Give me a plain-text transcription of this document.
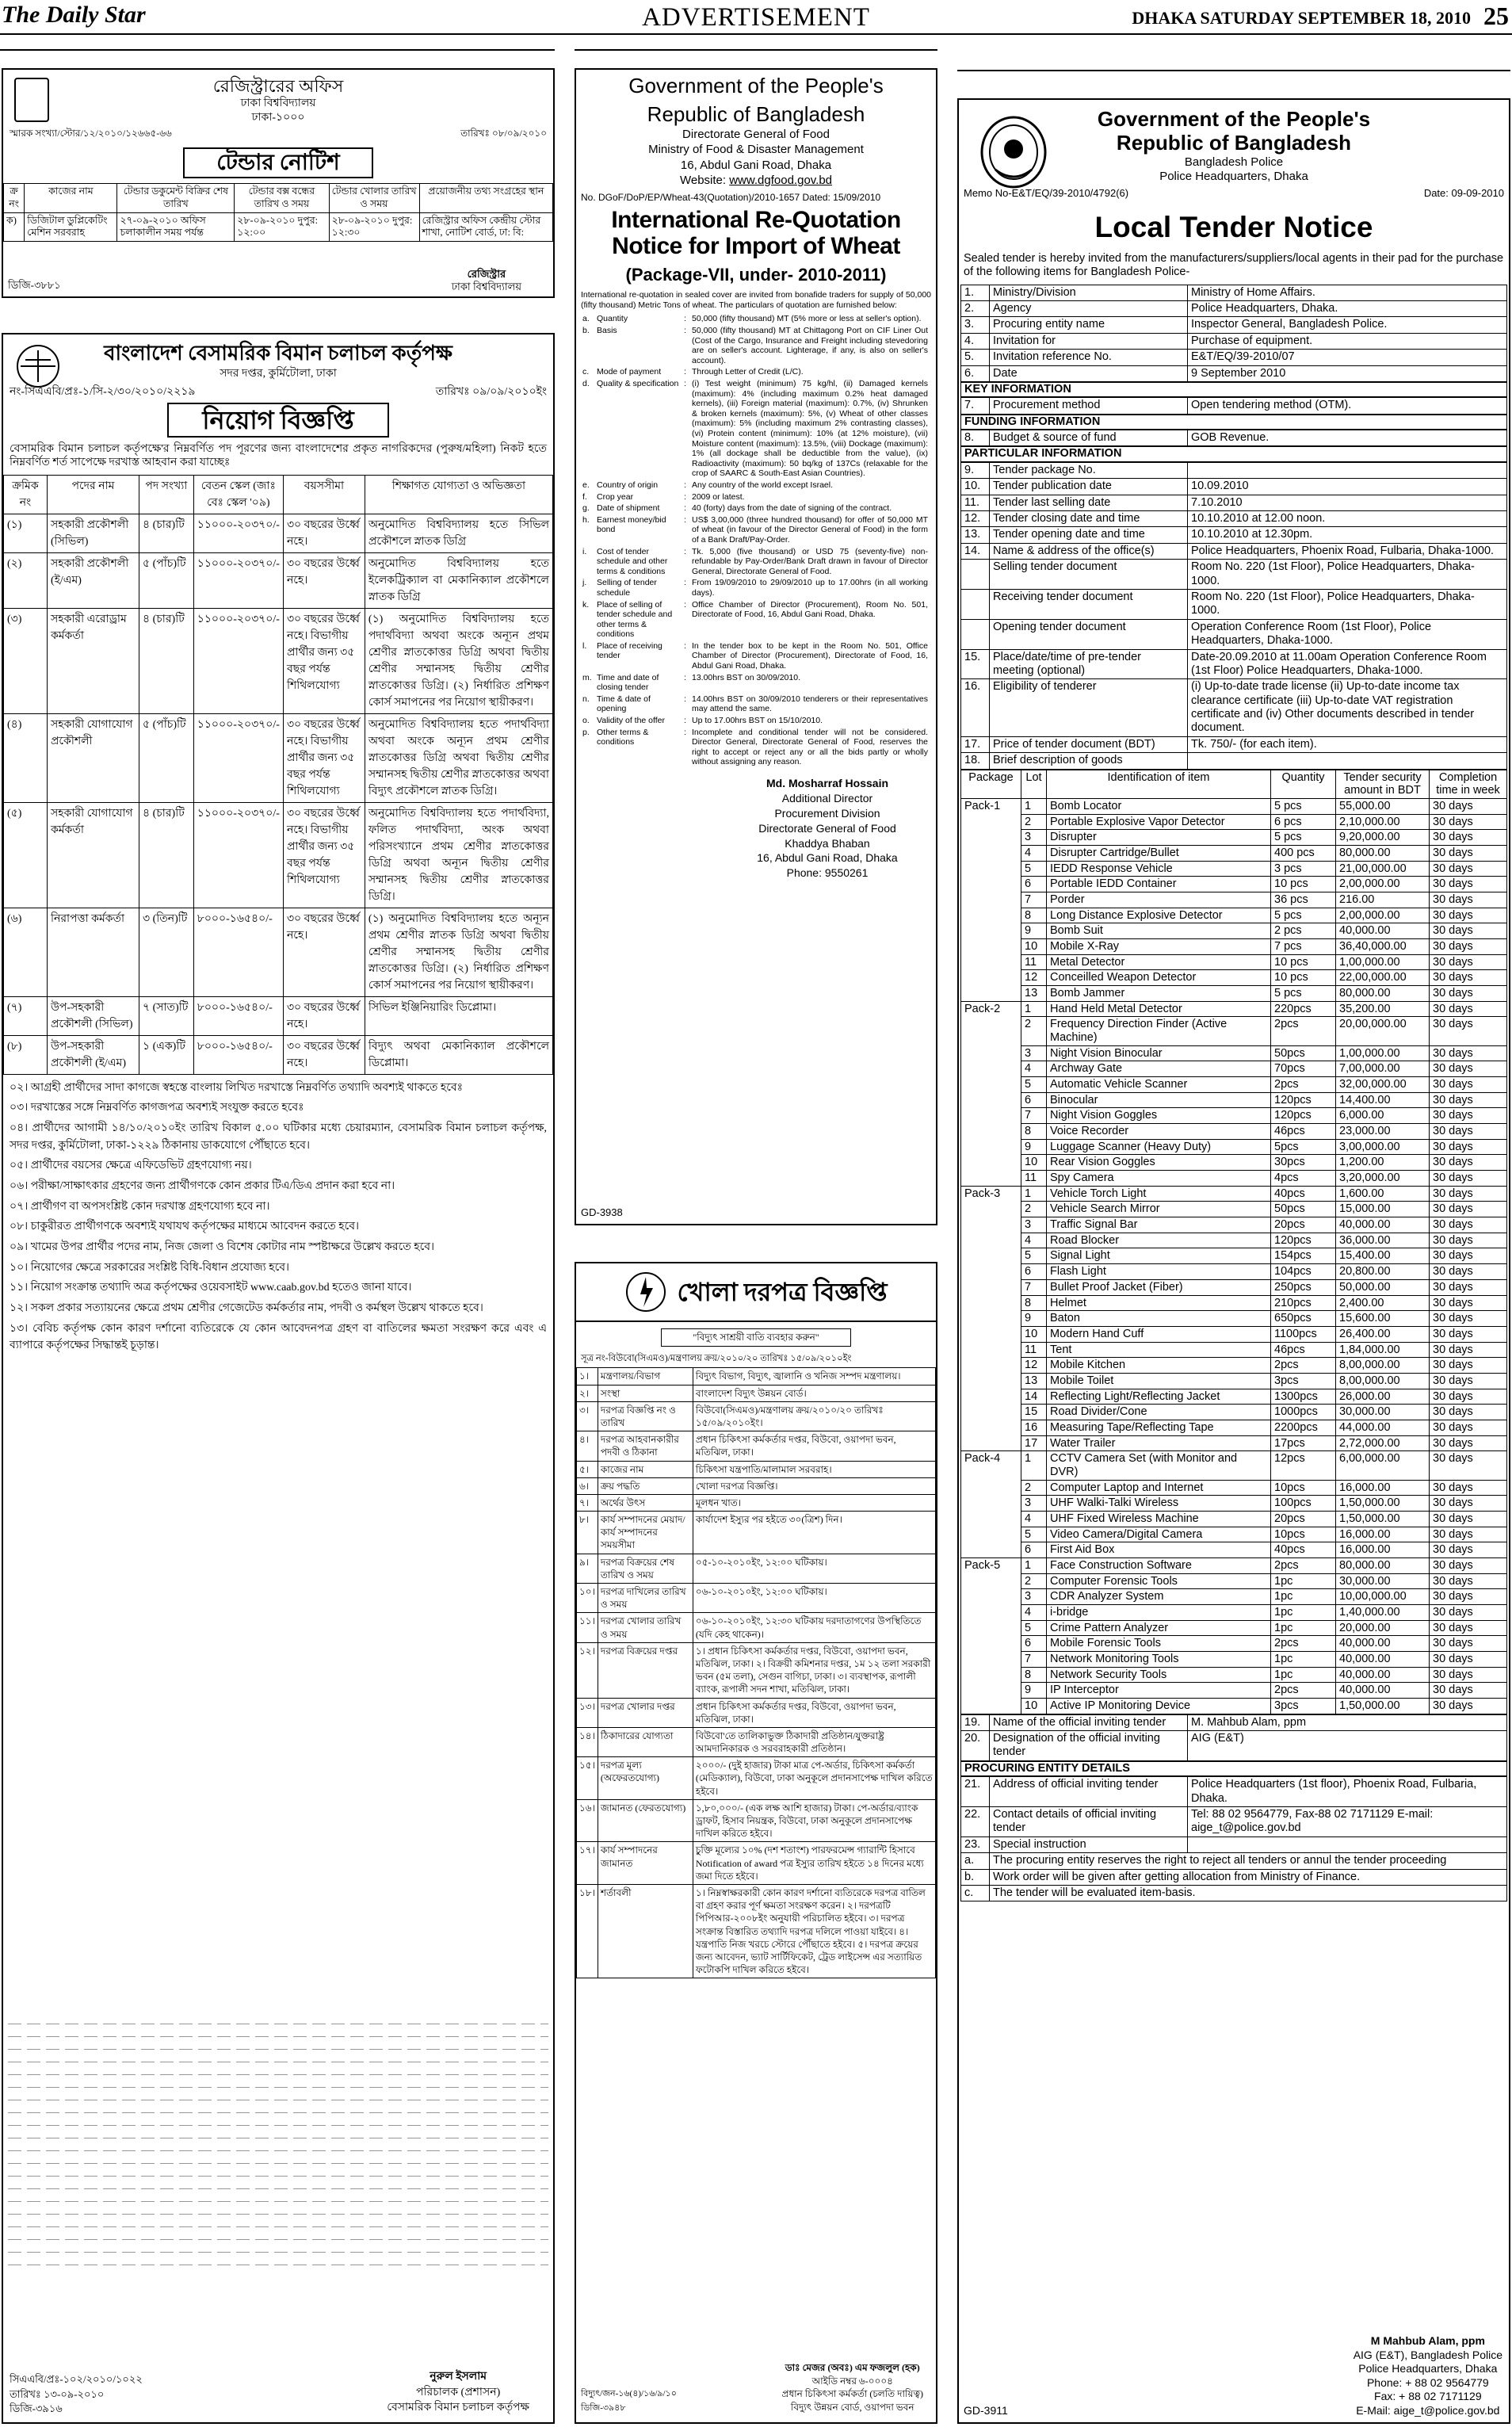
The Daily Star	ADVERTISEMENT	DHAKA SATURDAY SEPTEMBER 18, 2010 25
রেজিস্ট্রারের অফিস
ঢাকা বিশ্ববিদ্যালয়
ঢাকা-১০০০
স্মারক সংখ্যা/স্টোর/১২/২০১০/১২৬৬৫-৬৬	তারিখঃ ০৮/০৯/২০১০
টেন্ডার নোটিশ
ক্র নং	কাজের নাম	টেন্ডার ডকুমেন্ট বিক্রির শেষ তারিখ	টেন্ডার বক্স বন্ধের তারিখ ও সময়	টেন্ডার খোলার তারিখ ও সময়	প্রয়োজনীয় তথ্য সংগ্রহের স্থান
ক)	ডিজিটাল ডুপ্লিকেটিং মেশিন সরবরাহ	২৭-০৯-২০১০ অফিস চলাকালীন সময় পর্যন্ত	২৮-০৯-২০১০ দুপুর: ১২:০০	২৮-০৯-২০১০ দুপুর: ১২:৩০	রেজিস্ট্রার অফিস কেন্দ্রীয় স্টোর শাখা, নোটিশ বোর্ড, ঢা: বি:
ডিজি-৩৮৮১
রেজিস্ট্রার
ঢাকা বিশ্ববিদ্যালয়
বাংলাদেশ বেসামরিক বিমান চলাচল কর্তৃপক্ষ
সদর দপ্তর, কুর্মিটোলা, ঢাকা
নং-সিএএবি/প্রঃ-১/সি-২/৩০/২০১০/২২১৯	তারিখঃ ০৯/০৯/২০১০ইং
নিয়োগ বিজ্ঞপ্তি
বেসামরিক বিমান চলাচল কর্তৃপক্ষে'র নিম্নবর্ণিত পদ পূরণের জন্য বাংলাদেশের প্রকৃত নাগরিকদের (পুরুষ/মহিলা) নিকট হতে নিম্নবর্ণিত শর্ত সাপেক্ষে দরখাস্ত আহবান করা যাচ্ছেঃ
ক্রমিক নং	পদের নাম	পদ সংখ্যা	বেতন স্কেল (জাঃ বেঃ স্কেল '০৯)	বয়সসীমা	শিক্ষাগত যোগ্যতা ও অভিজ্ঞতা
(১)	সহকারী প্রকৌশলী (সিভিল)	৪ (চার)টি	১১০০০-২০৩৭০/-	৩০ বছরের উর্ধ্বে নহে।	অনুমোদিত বিশ্ববিদ্যালয় হতে সিভিল প্রকৌশলে স্নাতক ডিগ্রি
(২)	সহকারী প্রকৌশলী (ই/এম)	৫ (পাঁচ)টি	১১০০০-২০৩৭০/-	৩০ বছরের উর্ধ্বে নহে।	অনুমোদিত বিশ্ববিদ্যালয় হতে ইলেকট্রিক্যাল বা মেকানিক্যাল প্রকৌশলে স্নাতক ডিগ্রি
(৩)	সহকারী এরোড্রাম কর্মকর্তা	৪ (চার)টি	১১০০০-২০৩৭০/-	৩০ বছরের উর্ধ্বে নহে। বিভাগীয় প্রার্থীর জন্য ৩৫ বছর পর্যন্ত শিথিলযোগ্য	(১) অনুমোদিত বিশ্ববিদ্যালয় হতে পদার্থবিদ্যা অথবা অংকে অন্যূন প্রথম শ্রেণীর স্নাতকোত্তর ডিগ্রি অথবা দ্বিতীয় শ্রেণীর সম্মানসহ দ্বিতীয় শ্রেণীর স্নাতকোত্তর ডিগ্রি। (২) নির্ধারিত প্রশিক্ষণ কোর্স সমাপনের পর নিয়োগ স্থায়ীকরণ।
(৪)	সহকারী যোগাযোগ প্রকৌশলী	৫ (পাঁচ)টি	১১০০০-২০৩৭০/-	৩০ বছরের উর্ধ্বে নহে। বিভাগীয় প্রার্থীর জন্য ৩৫ বছর পর্যন্ত শিথিলযোগ্য	অনুমোদিত বিশ্ববিদ্যালয় হতে পদার্থবিদ্যা অথবা অংকে অন্যূন প্রথম শ্রেণীর স্নাতকোত্তর ডিগ্রি অথবা দ্বিতীয় শ্রেণীর সম্মানসহ দ্বিতীয় শ্রেণীর স্নাতকোত্তর অথবা বিদ্যুৎ প্রকৌশলে স্নাতক ডিগ্রি।
(৫)	সহকারী যোগাযোগ কর্মকর্তা	৪ (চার)টি	১১০০০-২০৩৭০/-	৩০ বছরের উর্ধ্বে নহে। বিভাগীয় প্রার্থীর জন্য ৩৫ বছর পর্যন্ত শিথিলযোগ্য	অনুমোদিত বিশ্ববিদ্যালয় হতে পদার্থবিদ্যা, ফলিত পদার্থবিদ্যা, অংক অথবা পরিসংখ্যানে প্রথম শ্রেণীর স্নাতকোত্তর ডিগ্রি অথবা অন্যূন দ্বিতীয় শ্রেণীর সম্মানসহ দ্বিতীয় শ্রেণীর স্নাতকোত্তর ডিগ্রি।
(৬)	নিরাপত্তা কর্মকর্তা	৩ (তিন)টি	৮০০০-১৬৫৪০/-	৩০ বছরের উর্ধ্বে নহে।	(১) অনুমোদিত বিশ্ববিদ্যালয় হতে অন্যূন প্রথম শ্রেণীর স্নাতক ডিগ্রি অথবা দ্বিতীয় শ্রেণীর সম্মানসহ দ্বিতীয় শ্রেণীর স্নাতকোত্তর ডিগ্রি। (২) নির্ধারিত প্রশিক্ষণ কোর্স সমাপনের পর নিয়োগ স্থায়ীকরণ।
(৭)	উপ-সহকারী প্রকৌশলী (সিভিল)	৭ (সাত)টি	৮০০০-১৬৫৪০/-	৩০ বছরের উর্ধ্বে নহে।	সিভিল ইঞ্জিনিয়ারিং ডিপ্লোমা।
(৮)	উপ-সহকারী প্রকৌশলী (ই/এম)	১ (এক)টি	৮০০০-১৬৫৪০/-	৩০ বছরের উর্ধ্বে নহে।	বিদ্যুৎ অথবা মেকানিক্যাল প্রকৌশলে ডিপ্লোমা।
০২। আগ্রহী প্রার্থীদের সাদা কাগজে স্বহস্তে বাংলায় লিখিত দরখাস্তে নিম্নবর্ণিত তথ্যাদি অবশ্যই থাকতে হবেঃ
০৩। দরখাস্তের সঙ্গে নিম্নবর্ণিত কাগজপত্র অবশ্যই সংযুক্ত করতে হবেঃ
০৪। প্রার্থীদের আগামী ১৪/১০/২০১০ইং তারিখ বিকাল ৫.০০ ঘটিকার মধ্যে চেয়ারম্যান, বেসামরিক বিমান চলাচল কর্তৃপক্ষ, সদর দপ্তর, কুর্মিটোলা, ঢাকা-১২২৯ ঠিকানায় ডাকযোগে পৌঁছাতে হবে।
০৫। প্রার্থীদের বয়সের ক্ষেত্রে এফিডেভিট গ্রহণযোগ্য নয়।
০৬। পরীক্ষা/সাক্ষাৎকার গ্রহণের জন্য প্রার্থীগণকে কোন প্রকার টিএ/ডিএ প্রদান করা হবে না।
০৭। প্রার্থীগণ বা অপসংশ্লিষ্ট কোন দরখাস্ত গ্রহণযোগ্য হবে না।
০৮। চাকুরীরত প্রার্থীগণকে অবশ্যই যথাযথ কর্তৃপক্ষের মাধ্যমে আবেদন করতে হবে।
০৯। খামের উপর প্রার্থীর পদের নাম, নিজ জেলা ও বিশেষ কোটার নাম স্পষ্টাক্ষরে উল্লেখ করতে হবে।
১০। নিয়োগের ক্ষেত্রে সরকারের সংশ্লিষ্ট বিধি-বিধান প্রযোজ্য হবে।
১১। নিয়োগ সংক্রান্ত তথ্যাদি অত্র কর্তৃপক্ষের ওয়েবসাইট www.caab.gov.bd হতেও জানা যাবে।
১২। সকল প্রকার সত্যায়নের ক্ষেত্রে প্রথম শ্রেণীর গেজেটেড কর্মকর্তার নাম, পদবী ও কর্মস্থল উল্লেখ থাকতে হবে।
১৩। বেবিচ কর্তৃপক্ষ কোন কারণ দর্শানো ব্যতিরেকে যে কোন আবেদনপত্র গ্রহণ বা বাতিলের ক্ষমতা সংরক্ষণ করে এবং এ ব্যাপারে কর্তৃপক্ষের সিদ্ধান্তই চূড়ান্ত।
সিএএবি/প্রঃ-১০২/২০১০/১০২২
তারিখঃ ১৩-০৯-২০১০
ডিজি-৩৯১৬
নুরুল ইসলাম
পরিচালক (প্রশাসন)
বেসামরিক বিমান চলাচল কর্তৃপক্ষ
Government of the People's
Republic of Bangladesh
Directorate General of Food
Ministry of Food & Disaster Management
16, Abdul Gani Road, Dhaka
Website: www.dgfood.gov.bd
No. DGoF/DoP/EP/Wheat-43(Quotation)/2010-1657 Dated: 15/09/2010
International Re-Quotation Notice for Import of Wheat
(Package-VII, under- 2010-2011)
International re-quotation in sealed cover are invited from bonafide traders for supply of 50,000 (fifty thousand) Metric Tons of wheat. The particulars of quotation are furnished below:
a.	Quantity	:	50,000 (fifty thousand) MT (5% more or less at seller's option).
b.	Basis	:	50,000 (fifty thousand) MT at Chittagong Port on CIF Liner Out (Cost of the Cargo, Insurance and Freight including stevedoring are on seller's account. Lighterage, if any, is also on seller's account).
c.	Mode of payment	:	Through Letter of Credit (L/C).
d.	Quality & specification	:	(i) Test weight (minimum) 75 kg/hl, (ii) Damaged kernels (maximum): 4% (including maximum 0.2% heat damaged kernels), (iii) Foreign material (maximum): 0.7%, (iv) Shrunken & broken kernels (maximum): 5%, (v) Wheat of other classes (maximum): 5% (including maximum 2% contrasting classes), (vi) Protein content (minimum): 10% (at 12% moisture), (vii) Moisture content (maximum): 13.5%, (viii) Dockage (maximum): 1% (all dockage shall be deductible from the value), (ix) Radioactivity (maximum): 50 bq/kg of 137Cs (relaxable for the crop of SAARC & South-East Asian Countries).
e.	Country of origin	:	Any country of the world except Israel.
f.	Crop year	:	2009 or latest.
g.	Date of shipment	:	40 (forty) days from the date of signing of the contract.
h.	Earnest money/bid bond	:	US$ 3,00,000 (three hundred thousand) for offer of 50,000 MT of wheat (in favour of the Director General of Food) in the form of a Bank Draft/Pay-Order.
i.	Cost of tender schedule and other terms & conditions	:	Tk. 5,000 (five thousand) or USD 75 (seventy-five) non-refundable by Pay-Order/Bank Draft drawn in favour of Director General, Directorate General of Food.
j.	Selling of tender schedule	:	From 19/09/2010 to 29/09/2010 up to 17.00hrs (in all working days).
k.	Place of selling of tender schedule and other terms & conditions	:	Office Chamber of Director (Procurement), Room No. 501, Directorate of Food, 16, Abdul Gani Road, Dhaka.
l.	Place of receiving tender	:	In the tender box to be kept in the Room No. 501, Office Chamber of Director (Procurement), Directorate of Food, 16, Abdul Gani Road, Dhaka.
m.	Time and date of closing tender	:	13.00hrs BST on 30/09/2010.
n.	Time & date of opening	:	14.00hrs BST on 30/09/2010 tenderers or their representatives may attend the same.
o.	Validity of the offer	:	Up to 17.00hrs BST on 15/10/2010.
p.	Other terms & conditions	:	Incomplete and conditional tender will not be considered. Director General, Directorate General of Food, reserves the right to accept or reject any or all the bids partly or wholly without assigning any reason.
Md. Mosharraf Hossain
Additional Director
Procurement Division
Directorate General of Food
Khaddya Bhaban
16, Abdul Gani Road, Dhaka
Phone: 9550261
GD-3938
খোলা দরপত্র বিজ্ঞপ্তি
"বিদ্যুৎ সাশ্রয়ী বাতি ব্যবহার করুন"
সূত্র নং-বিউবো(সিএমও)/মন্ত্রণালয় ক্রয়/২০১০/২০ তারিখঃ ১৫/০৯/২০১০ইং
১।	মন্ত্রণালয়/বিভাগ	বিদ্যুৎ বিভাগ, বিদ্যুৎ, জ্বালানি ও খনিজ সম্পদ মন্ত্রণালয়।
২।	সংস্থা	বাংলাদেশ বিদ্যুৎ উন্নয়ন বোর্ড।
৩।	দরপত্র বিজ্ঞপ্তি নং ও তারিখ	বিউবো(সিএমও)/মন্ত্রণালয় ক্রয়/২০১০/২০ তারিখঃ ১৫/০৯/২০১০ইং।
৪।	দরপত্র আহবানকারীর পদবী ও ঠিকানা	প্রধান চিকিৎসা কর্মকর্তার দপ্তর, বিউবো, ওয়াপদা ভবন, মতিঝিল, ঢাকা।
৫।	কাজের নাম	চিকিৎসা যন্ত্রপাতি/মালামাল সরবরাহ।
৬।	ক্রয় পদ্ধতি	খোলা দরপত্র বিজ্ঞপ্তি।
৭।	অর্থের উৎস	মূলধন খাত।
৮।	কার্য সম্পাদনের মেয়াদ/কার্য সম্পাদনের সময়সীমা	কার্যাদেশ ইস্যুর পর হইতে ৩০(ত্রিশ) দিন।
৯।	দরপত্র বিক্রয়ের শেষ তারিখ ও সময়	০৫-১০-২০১০ইং, ১২:০০ ঘটিকায়।
১০।	দরপত্র দাখিলের তারিখ ও সময়	০৬-১০-২০১০ইং, ১২:০০ ঘটিকায়।
১১।	দরপত্র খোলার তারিখ ও সময়	০৬-১০-২০১০ইং, ১২:৩০ ঘটিকায় দরদাতাগণের উপস্থিতিতে (যদি কেহ থাকেন)।
১২।	দরপত্র বিক্রয়ের দপ্তর	১। প্রধান চিকিৎসা কর্মকর্তার দপ্তর, বিউবো, ওয়াপদা ভবন, মতিঝিল, ঢাকা। ২। বিক্রয়ী কমিশনার দপ্তর, ১ম ১২ তলা সরকারী ভবন (৫ম তলা), সেগুন বাগিচা, ঢাকা। ৩। ব্যবস্থাপক, রূপালী ব্যাংক, রূপালী সদন শাখা, মতিঝিল, ঢাকা।
১৩।	দরপত্র খোলার দপ্তর	প্রধান চিকিৎসা কর্মকর্তার দপ্তর, বিউবো, ওয়াপদা ভবন, মতিঝিল, ঢাকা।
১৪।	ঠিকাদারের যোগ্যতা	বিউবো'তে তালিকাভুক্ত ঠিকাদারী প্রতিষ্ঠান/যুক্তরাষ্ট্র আমদানিকারক ও সরবরাহকারী প্রতিষ্ঠান।
১৫।	দরপত্র মূল্য (অফেরতযোগ্য)	২০০০/- (দুই হাজার) টাকা মাত্র পে-অর্ডার, চিকিৎসা কর্মকর্তা (মেডিক্যাল), বিউবো, ঢাকা অনুকূলে প্রদানসাপেক্ষ দাখিল করিতে হইবে।
১৬।	জামানত (ফেরতযোগ্য)	১,৮০,০০০/- (এক লক্ষ আশি হাজার) টাকা। পে-অর্ডার/ব্যাংক ড্রাফট, হিসাব নিয়ন্ত্রক, বিউবো, ঢাকা অনুকূলে প্রদানসাপেক্ষ দাখিল করিতে হইবে।
১৭।	কার্য সম্পাদনের জামানত	চুক্তি মূল্যের ১০% (দশ শতাংশ) পারফরমেন্স গ্যারান্টি হিসাবে Notification of award পত্র ইস্যুর তারিখ হইতে ১৪ দিনের মধ্যে জমা দিতে হইবে।
১৮।	শর্তাবলী	১। নিম্নস্বাক্ষরকারী কোন কারণ দর্শানো ব্যতিরেকে দরপত্র বাতিল বা গ্রহণ করার পূর্ণ ক্ষমতা সংরক্ষণ করেন। ২। দরপত্রটি পিপিআর-২০০৮ইং অনুযায়ী পরিচালিত হইবে। ৩। দরপত্র সংক্রান্ত বিস্তারিত তথ্যাদি দরপত্র দলিলে পাওয়া যাইবে। ৪। যন্ত্রপাতি নিজ খরচে স্টোরে পৌঁছাতে হইবে। ৫। দরপত্র ক্রয়ের জন্য আবেদন, ভ্যাট সার্টিফিকেট, ট্রেড লাইসেন্স এর সত্যায়িত ফটোকপি দাখিল করিতে হইবে।
ডাঃ মেজর (অবঃ) এম ফজলুল (হক)
আইডি নম্বর ৬-০০০৪
প্রধান চিকিৎসা কর্মকর্তা (চলতি দায়িত্ব)
বিদ্যুৎ উন্নয়ন বোর্ড, ওয়াপদা ভবন
বিদ্যুৎ/জন-১৬(৪)/১৬/৯/১০
ডিজি-৩৯৪৮
Government of the People's
Republic of Bangladesh
Bangladesh Police
Police Headquarters, Dhaka
Memo No-E&T/EQ/39-2010/4792(6)	Date: 09-09-2010
Local Tender Notice
Sealed tender is hereby invited from the manufacturers/suppliers/local agents in their pad for the purchase of the following items for Bangladesh Police-
1.	Ministry/Division	Ministry of Home Affairs.
2.	Agency	Police Headquarters, Dhaka.
3.	Procuring entity name	Inspector General, Bangladesh Police.
4.	Invitation for	Purchase of equipment.
5.	Invitation reference No.	E&T/EQ/39-2010/07
6.	Date	9 September 2010
KEY INFORMATION
7.	Procurement method	Open tendering method (OTM).
FUNDING INFORMATION
8.	Budget & source of fund	GOB Revenue.
PARTICULAR INFORMATION
9.	Tender package No.	
10.	Tender publication date	10.09.2010
11.	Tender last selling date	7.10.2010
12.	Tender closing date and time	10.10.2010 at 12.00 noon.
13.	Tender opening date and time	10.10.2010 at 12.30pm.
14.	Name & address of the office(s)	Police Headquarters, Phoenix Road, Fulbaria, Dhaka-1000.
	Selling tender document	Room No. 220 (1st Floor), Police Headquarters, Dhaka-1000.
	Receiving tender document	Room No. 220 (1st Floor), Police Headquarters, Dhaka-1000.
	Opening tender document	Operation Conference Room (1st Floor), Police Headquarters, Dhaka-1000.
15.	Place/date/time of pre-tender meeting (optional)	Date-20.09.2010 at 11.00am Operation Conference Room (1st Floor) Police Headquarters, Dhaka-1000.
16.	Eligibility of tenderer	(i) Up-to-date trade license (ii) Up-to-date income tax clearance certificate (iii) Up-to-date VAT registration certificate and (iv) Other documents described in tender document.
17.	Price of tender document (BDT)	Tk. 750/- (for each item).
18.	Brief description of goods	
Package	Lot	Identification of item	Quantity	Tender security amount in BDT	Completion time in week
Pack-1	1	Bomb Locator	5 pcs	55,000.00	30 days
	2	Portable Explosive Vapor Detector	6 pcs	2,10,000.00	30 days
	3	Disrupter	5 pcs	9,20,000.00	30 days
	4	Disrupter Cartridge/Bullet	400 pcs	80,000.00	30 days
	5	IEDD Response Vehicle	3 pcs	21,00,000.00	30 days
	6	Portable IEDD Container	10 pcs	2,00,000.00	30 days
	7	Porder	36 pcs	216.00	30 days
	8	Long Distance Explosive Detector	5 pcs	2,00,000.00	30 days
	9	Bomb Suit	2 pcs	40,000.00	30 days
	10	Mobile X-Ray	7 pcs	36,40,000.00	30 days
	11	Metal Detector	10 pcs	1,00,000.00	30 days
	12	Conceilled Weapon Detector	10 pcs	22,00,000.00	30 days
	13	Bomb Jammer	5 pcs	80,000.00	30 days
Pack-2	1	Hand Held Metal Detector	220pcs	35,200.00	30 days
	2	Frequency Direction Finder (Active Machine)	2pcs	20,00,000.00	30 days
	3	Night Vision Binocular	50pcs	1,00,000.00	30 days
	4	Archway Gate	70pcs	7,00,000.00	30 days
	5	Automatic Vehicle Scanner	2pcs	32,00,000.00	30 days
	6	Binocular	120pcs	14,400.00	30 days
	7	Night Vision Goggles	120pcs	6,000.00	30 days
	8	Voice Recorder	46pcs	23,000.00	30 days
	9	Luggage Scanner (Heavy Duty)	5pcs	3,00,000.00	30 days
	10	Rear Vision Goggles	30pcs	1,200.00	30 days
	11	Spy Camera	4pcs	3,20,000.00	30 days
Pack-3	1	Vehicle Torch Light	40pcs	1,600.00	30 days
	2	Vehicle Search Mirror	50pcs	15,000.00	30 days
	3	Traffic Signal Bar	20pcs	40,000.00	30 days
	4	Road Blocker	120pcs	36,000.00	30 days
	5	Signal Light	154pcs	15,400.00	30 days
	6	Flash Light	104pcs	20,800.00	30 days
	7	Bullet Proof Jacket (Fiber)	250pcs	50,000.00	30 days
	8	Helmet	210pcs	2,400.00	30 days
	9	Baton	650pcs	15,600.00	30 days
	10	Modern Hand Cuff	1100pcs	26,400.00	30 days
	11	Tent	46pcs	1,84,000.00	30 days
	12	Mobile Kitchen	2pcs	8,00,000.00	30 days
	13	Mobile Toilet	3pcs	8,00,000.00	30 days
	14	Reflecting Light/Reflecting Jacket	1300pcs	26,000.00	30 days
	15	Road Divider/Cone	1000pcs	30,000.00	30 days
	16	Measuring Tape/Reflecting Tape	2200pcs	44,000.00	30 days
	17	Water Trailer	17pcs	2,72,000.00	30 days
Pack-4	1	CCTV Camera Set (with Monitor and DVR)	12pcs	6,00,000.00	30 days
	2	Computer Laptop and Internet	10pcs	16,000.00	30 days
	3	UHF Walki-Talki Wireless	100pcs	1,50,000.00	30 days
	4	UHF Fixed Wireless Machine	20pcs	1,50,000.00	30 days
	5	Video Camera/Digital Camera	10pcs	16,000.00	30 days
	6	First Aid Box	40pcs	16,000.00	30 days
Pack-5	1	Face Construction Software	2pcs	80,000.00	30 days
	2	Computer Forensic Tools	1pc	30,000.00	30 days
	3	CDR Analyzer System	1pc	10,00,000.00	30 days
	4	i-bridge	1pc	1,40,000.00	30 days
	5	Crime Pattern Analyzer	1pc	20,000.00	30 days
	6	Mobile Forensic Tools	2pcs	40,000.00	30 days
	7	Network Monitoring Tools	1pc	40,000.00	30 days
	8	Network Security Tools	1pc	40,000.00	30 days
	9	IP Interceptor	2pcs	40,000.00	30 days
	10	Active IP Monitoring Device	3pcs	1,50,000.00	30 days
19.	Name of the official inviting tender	M. Mahbub Alam, ppm
20.	Designation of the official inviting tender	AIG (E&T)
PROCURING ENTITY DETAILS
21.	Address of official inviting tender	Police Headquarters (1st floor), Phoenix Road, Fulbaria, Dhaka.
22.	Contact details of official inviting tender	Tel: 88 02 9564779, Fax-88 02 7171129 E-mail: aige_t@police.gov.bd
23.	Special instruction	
a.	The procuring entity reserves the right to reject all tenders or annul the tender proceeding	
b.	Work order will be given after getting allocation from Ministry of Finance.	
c.	The tender will be evaluated item-basis.	
GD-3911
M Mahbub Alam, ppm
AIG (E&T), Bangladesh Police
Police Headquarters, Dhaka
Phone: + 88 02 9564779
Fax: + 88 02 7171129
E-Mail: aige_t@police.gov.bd
